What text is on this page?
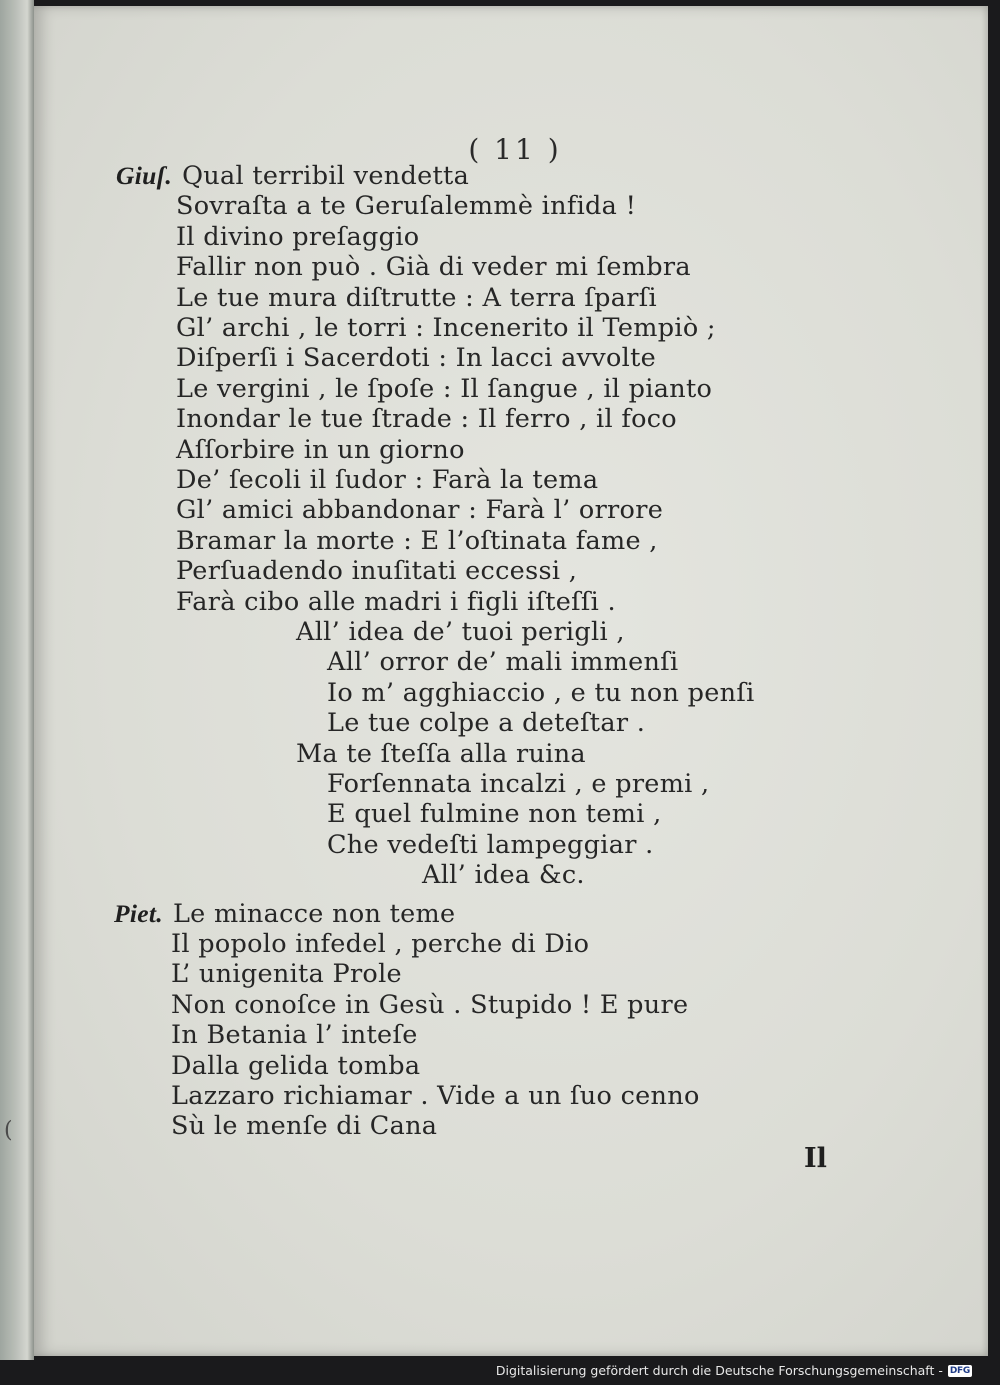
(
( 11 )
Giuſ. Qual terribil vendetta
Sovraſta a te Geruſalemmè infida !
Il divino preſaggio
Fallir non può . Già di veder mi ſembra
Le tue mura diſtrutte : A terra ſparſi
Gl’ archi , le torri : Incenerito il Tempiò ;
Diſperſi i Sacerdoti : In lacci avvolte
Le vergini , le ſpoſe : Il ſangue , il pianto
Inondar le tue ſtrade : Il ferro , il foco
Aſſorbire in un giorno
De’ ſecoli il ſudor : Farà la tema
Gl’ amici abbandonar : Farà l’ orrore
Bramar la morte : E l’oſtinata fame ,
Perſuadendo inuſitati eccessi ,
Farà cibo alle madri i figli iſteſſi .
All’ idea de’ tuoi perigli ,
All’ orror de’ mali immenſi
Io m’ agghiaccio , e tu non penſi
Le tue colpe a deteſtar .
Ma te ſteſſa alla ruina
Forſennata incalzi , e premi ,
E quel fulmine non temi ,
Che vedeſti lampeggiar .
All’ idea &c.
Piet. Le minacce non teme
Il popolo infedel , perche di Dio
L’ unigenita Prole
Non conoſce in Gesù . Stupido ! E pure
In Betania l’ inteſe
Dalla gelida tomba
Lazzaro richiamar . Vide a un ſuo cenno
Sù le menſe di Cana
Il
Digitalisierung gefördert durch die Deutsche Forschungsgemeinschaft - DFG
